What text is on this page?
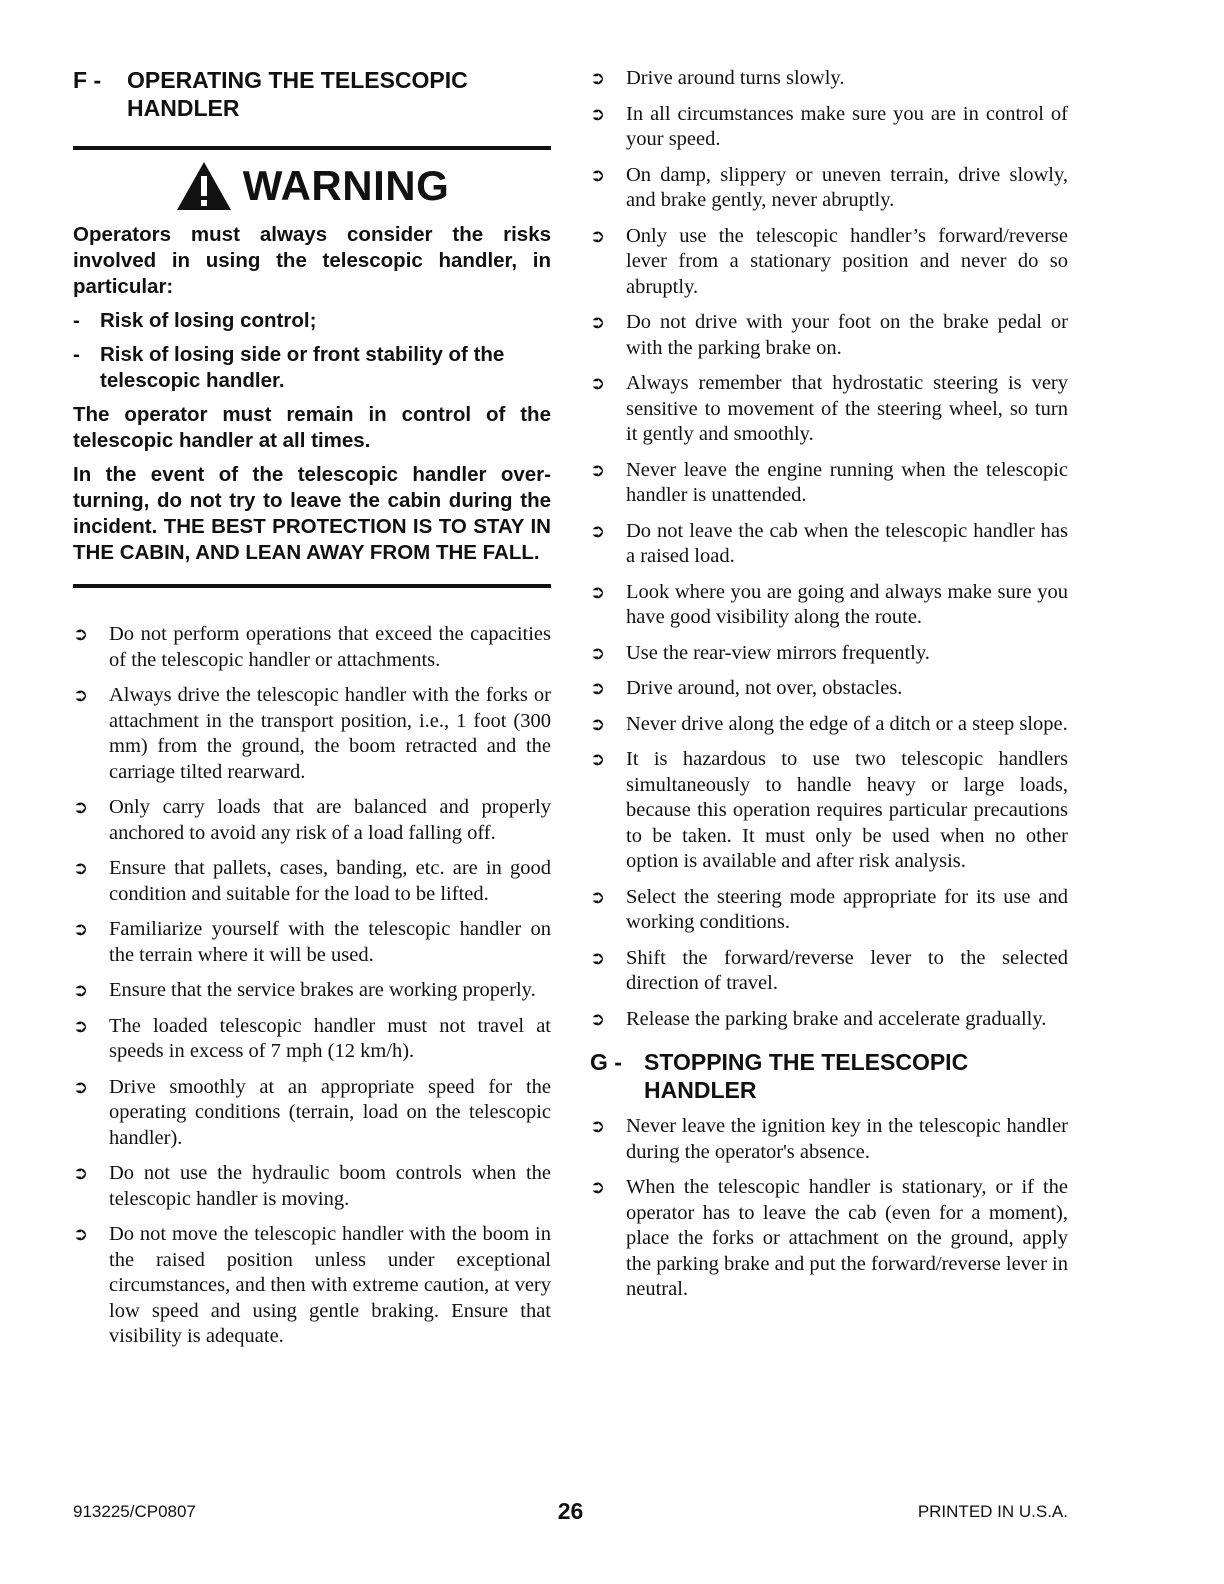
F -	OPERATING THE TELESCOPIC HANDLER
WARNING

Operators must always consider the risks involved in using the telescopic handler, in particular:

- Risk of losing control;
- Risk of losing side or front stability of the telescopic handler.

The operator must remain in control of the telescopic handler at all times.

In the event of the telescopic handler over-turning, do not try to leave the cabin during the incident. THE BEST PROTECTION IS TO STAY IN THE CABIN, AND LEAN AWAY FROM THE FALL.

➲	Do not perform operations that exceed the capacities of the telescopic handler or attachments.
➲	Always drive the telescopic handler with the forks or attachment in the transport position, i.e., 1 foot (300 mm) from the ground, the boom retracted and the carriage tilted rearward.
➲	Only carry loads that are balanced and properly anchored to avoid any risk of a load falling off.
➲	Ensure that pallets, cases, banding, etc. are in good condition and suitable for the load to be lifted.
➲	Familiarize yourself with the telescopic handler on the terrain where it will be used.
➲	Ensure that the service brakes are working properly.
➲	The loaded telescopic handler must not travel at speeds in excess of 7 mph (12 km/h).
➲	Drive smoothly at an appropriate speed for the operating conditions (terrain, load on the telescopic handler).
➲	Do not use the hydraulic boom controls when the telescopic handler is moving.
➲	Do not move the telescopic handler with the boom in the raised position unless under exceptional circumstances, and then with extreme caution, at very low speed and using gentle braking. Ensure that visibility is adequate.
➲	Drive around turns slowly.
➲	In all circumstances make sure you are in control of your speed.
➲	On damp, slippery or uneven terrain, drive slowly, and brake gently, never abruptly.
➲	Only use the telescopic handler’s forward/reverse lever from a stationary position and never do so abruptly.
➲	Do not drive with your foot on the brake pedal or with the parking brake on.
➲	Always remember that hydrostatic steering is very sensitive to movement of the steering wheel, so turn it gently and smoothly.
➲	Never leave the engine running when the telescopic handler is unattended.
➲	Do not leave the cab when the telescopic handler has a raised load.
➲	Look where you are going and always make sure you have good visibility along the route.
➲	Use the rear-view mirrors frequently.
➲	Drive around, not over, obstacles.
➲	Never drive along the edge of a ditch or a steep slope.
➲	It is hazardous to use two telescopic handlers simultaneously to handle heavy or large loads, because this operation requires particular precautions to be taken. It must only be used when no other option is available and after risk analysis.
➲	Select the steering mode appropriate for its use and working conditions.
➲	Shift the forward/reverse lever to the selected direction of travel.
➲	Release the parking brake and accelerate gradually.
G - STOPPING THE TELESCOPIC HANDLER
➲	Never leave the ignition key in the telescopic handler during the operator's absence.
➲	When the telescopic handler is stationary, or if the operator has to leave the cab (even for a moment), place the forks or attachment on the ground, apply the parking brake and put the forward/reverse lever in neutral.
913225/CP0807	26	PRINTED IN U.S.A.
